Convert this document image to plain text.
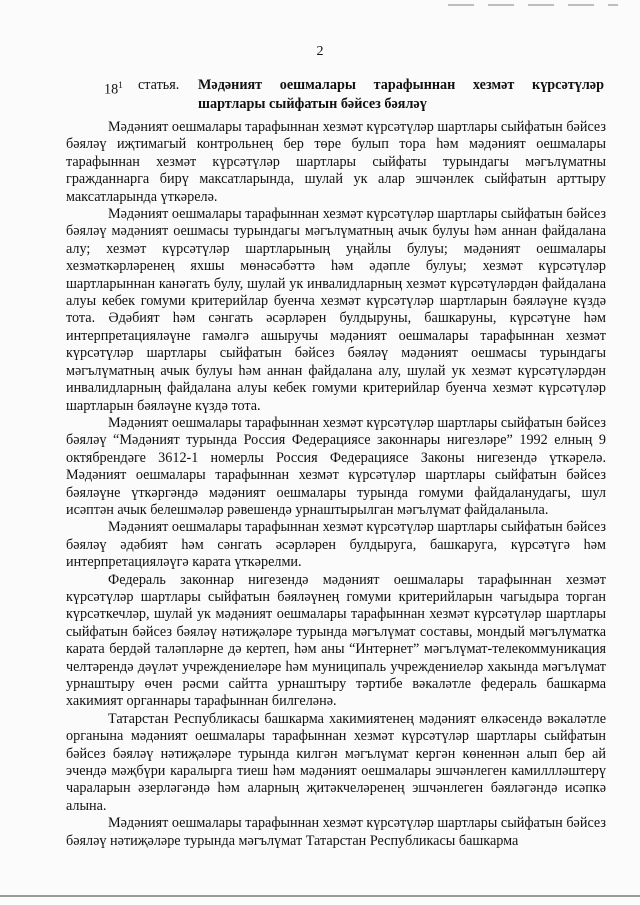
2
$18^1$ статья. Мәдәният оешмалары тарафыннан хезмәт күрсәтүләр шартлары сыйфатын бәйсез бәяләү

Мәдәният оешмалары тарафыннан хезмәт күрсәтүләр шартлары сыйфатын бәйсез бәяләү иҗтимагый контрольнең бер төре булып тора һәм мәдәният оешмалары тарафыннан хезмәт күрсәтүләр шартлары сыйфаты турындагы мәгълүматны гражданнарга бирү максатларында, шулай ук алар эшчәнлек сыйфатын арттыру максатларында үткәрелә.

Мәдәният оешмалары тарафыннан хезмәт күрсәтүләр шартлары сыйфатын бәйсез бәяләү мәдәният оешмасы турындагы мәгълүматның ачык булуы һәм аннан файдалана алу; хезмәт күрсәтүләр шартларының уңайлы булуы; мәдәният оешмалары хезмәткәрләренең яхшы мөнәсәбәттә һәм әдәпле булуы; хезмәт күрсәтүләр шартларыннан канәгать булу, шулай ук инвалидларның хезмәт күрсәтүләрдән файдалана алуы кебек гомуми критерийлар буенча хезмәт күрсәтүләр шартларын бәяләүне күздә тота. Әдәбият һәм сәнгать әсәрләрен булдыруны, башкаруны, күрсәтүне һәм интерпретацияләүне гамәлгә ашыручы мәдәният оешмалары тарафыннан хезмәт күрсәтүләр шартлары сыйфатын бәйсез бәяләү мәдәният оешмасы турындагы мәгълүматның ачык булуы һәм аннан файдалана алу, шулай ук хезмәт күрсәтүләрдән инвалидларның файдалана алуы кебек гомуми критерийлар буенча хезмәт күрсәтүләр шартларын бәяләүне күздә тота.

Мәдәният оешмалары тарафыннан хезмәт күрсәтүләр шартлары сыйфатын бәйсез бәяләү “Мәдәният турында Россия Федерациясе законнары нигезләре” 1992 елның 9 октябрендәге 3612-1 номерлы Россия Федерациясе Законы нигезендә үткәрелә. Мәдәният оешмалары тарафыннан хезмәт күрсәтүләр шартлары сыйфатын бәйсез бәяләүне үткәргәндә мәдәният оешмалары турында гомуми файдаланудагы, шул исәптән ачык белешмәләр рәвешендә урнаштырылган мәгълүмат файдаланыла.

Мәдәният оешмалары тарафыннан хезмәт күрсәтүләр шартлары сыйфатын бәйсез бәяләү әдәбият һәм сәнгать әсәрләрен булдыруга, башкаруга, күрсәтүгә һәм интерпретацияләүгә карата үткәрелми.

Федераль законнар нигезендә мәдәният оешмалары тарафыннан хезмәт күрсәтүләр шартлары сыйфатын бәяләүнең гомуми критерийларын чагыдыра торган күрсәткечләр, шулай ук мәдәният оешмалары тарафыннан хезмәт күрсәтүләр шартлары сыйфатын бәйсез бәяләү нәтиҗәләре турында мәгълүмат составы, мондый мәгълүматка карата бердәй таләпләрне дә кертеп, һәм аны “Интернет” мәгълүмат-телекоммуникация челтәрендә дәүләт учреждениеләре һәм муниципаль учреждениеләр хакында мәгълүмат урнаштыру өчен рәсми сайтта урнаштыру тәртибе вәкаләтле федераль башкарма хакимият органнары тарафыннан билгеләнә.

Татарстан Республикасы башкарма хакимиятенең мәдәният өлкәсендә вәкаләтле органына мәдәният оешмалары тарафыннан хезмәт күрсәтүләр шартлары сыйфатын бәйсез бәяләү нәтиҗәләре турында килгән мәгълүмат кергән көненнән алып бер ай эчендә мәҗбүри каралырга тиеш һәм мәдәният оешмалары эшчәнлеген камиллләштерү чараларын әзерләгәндә һәм аларның җитәкчеләренең эшчәнлеген бәяләгәндә исәпкә алына.

Мәдәният оешмалары тарафыннан хезмәт күрсәтүләр шартлары сыйфатын бәйсез бәяләү нәтиҗәләре турында мәгълүмат Татарстан Республикасы башкарма
